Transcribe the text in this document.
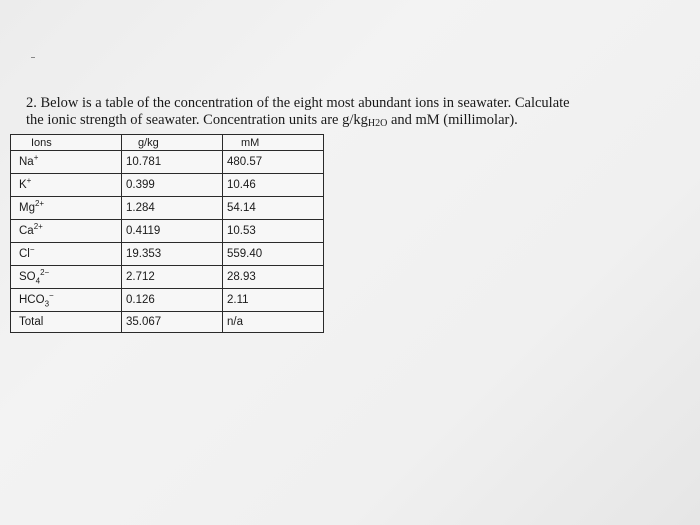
2. Below is a table of the concentration of the eight most abundant ions in seawater. Calculate
the ionic strength of seawater. Concentration units are $g/kg_{H2O}$ and mM (millimolar).

Ions	g/kg	mM
Na+	10.781	480.57
K+	0.399	10.46
$Mg^{2+}$	1.284	54.14
$Ca^{2+}$	0.4119	10.53
Cl−	19.353	559.40
$SO_4^{2-}$	2.712	28.93
$HCO_3^-$	0.126	2.11
Total	35.067	n/a
